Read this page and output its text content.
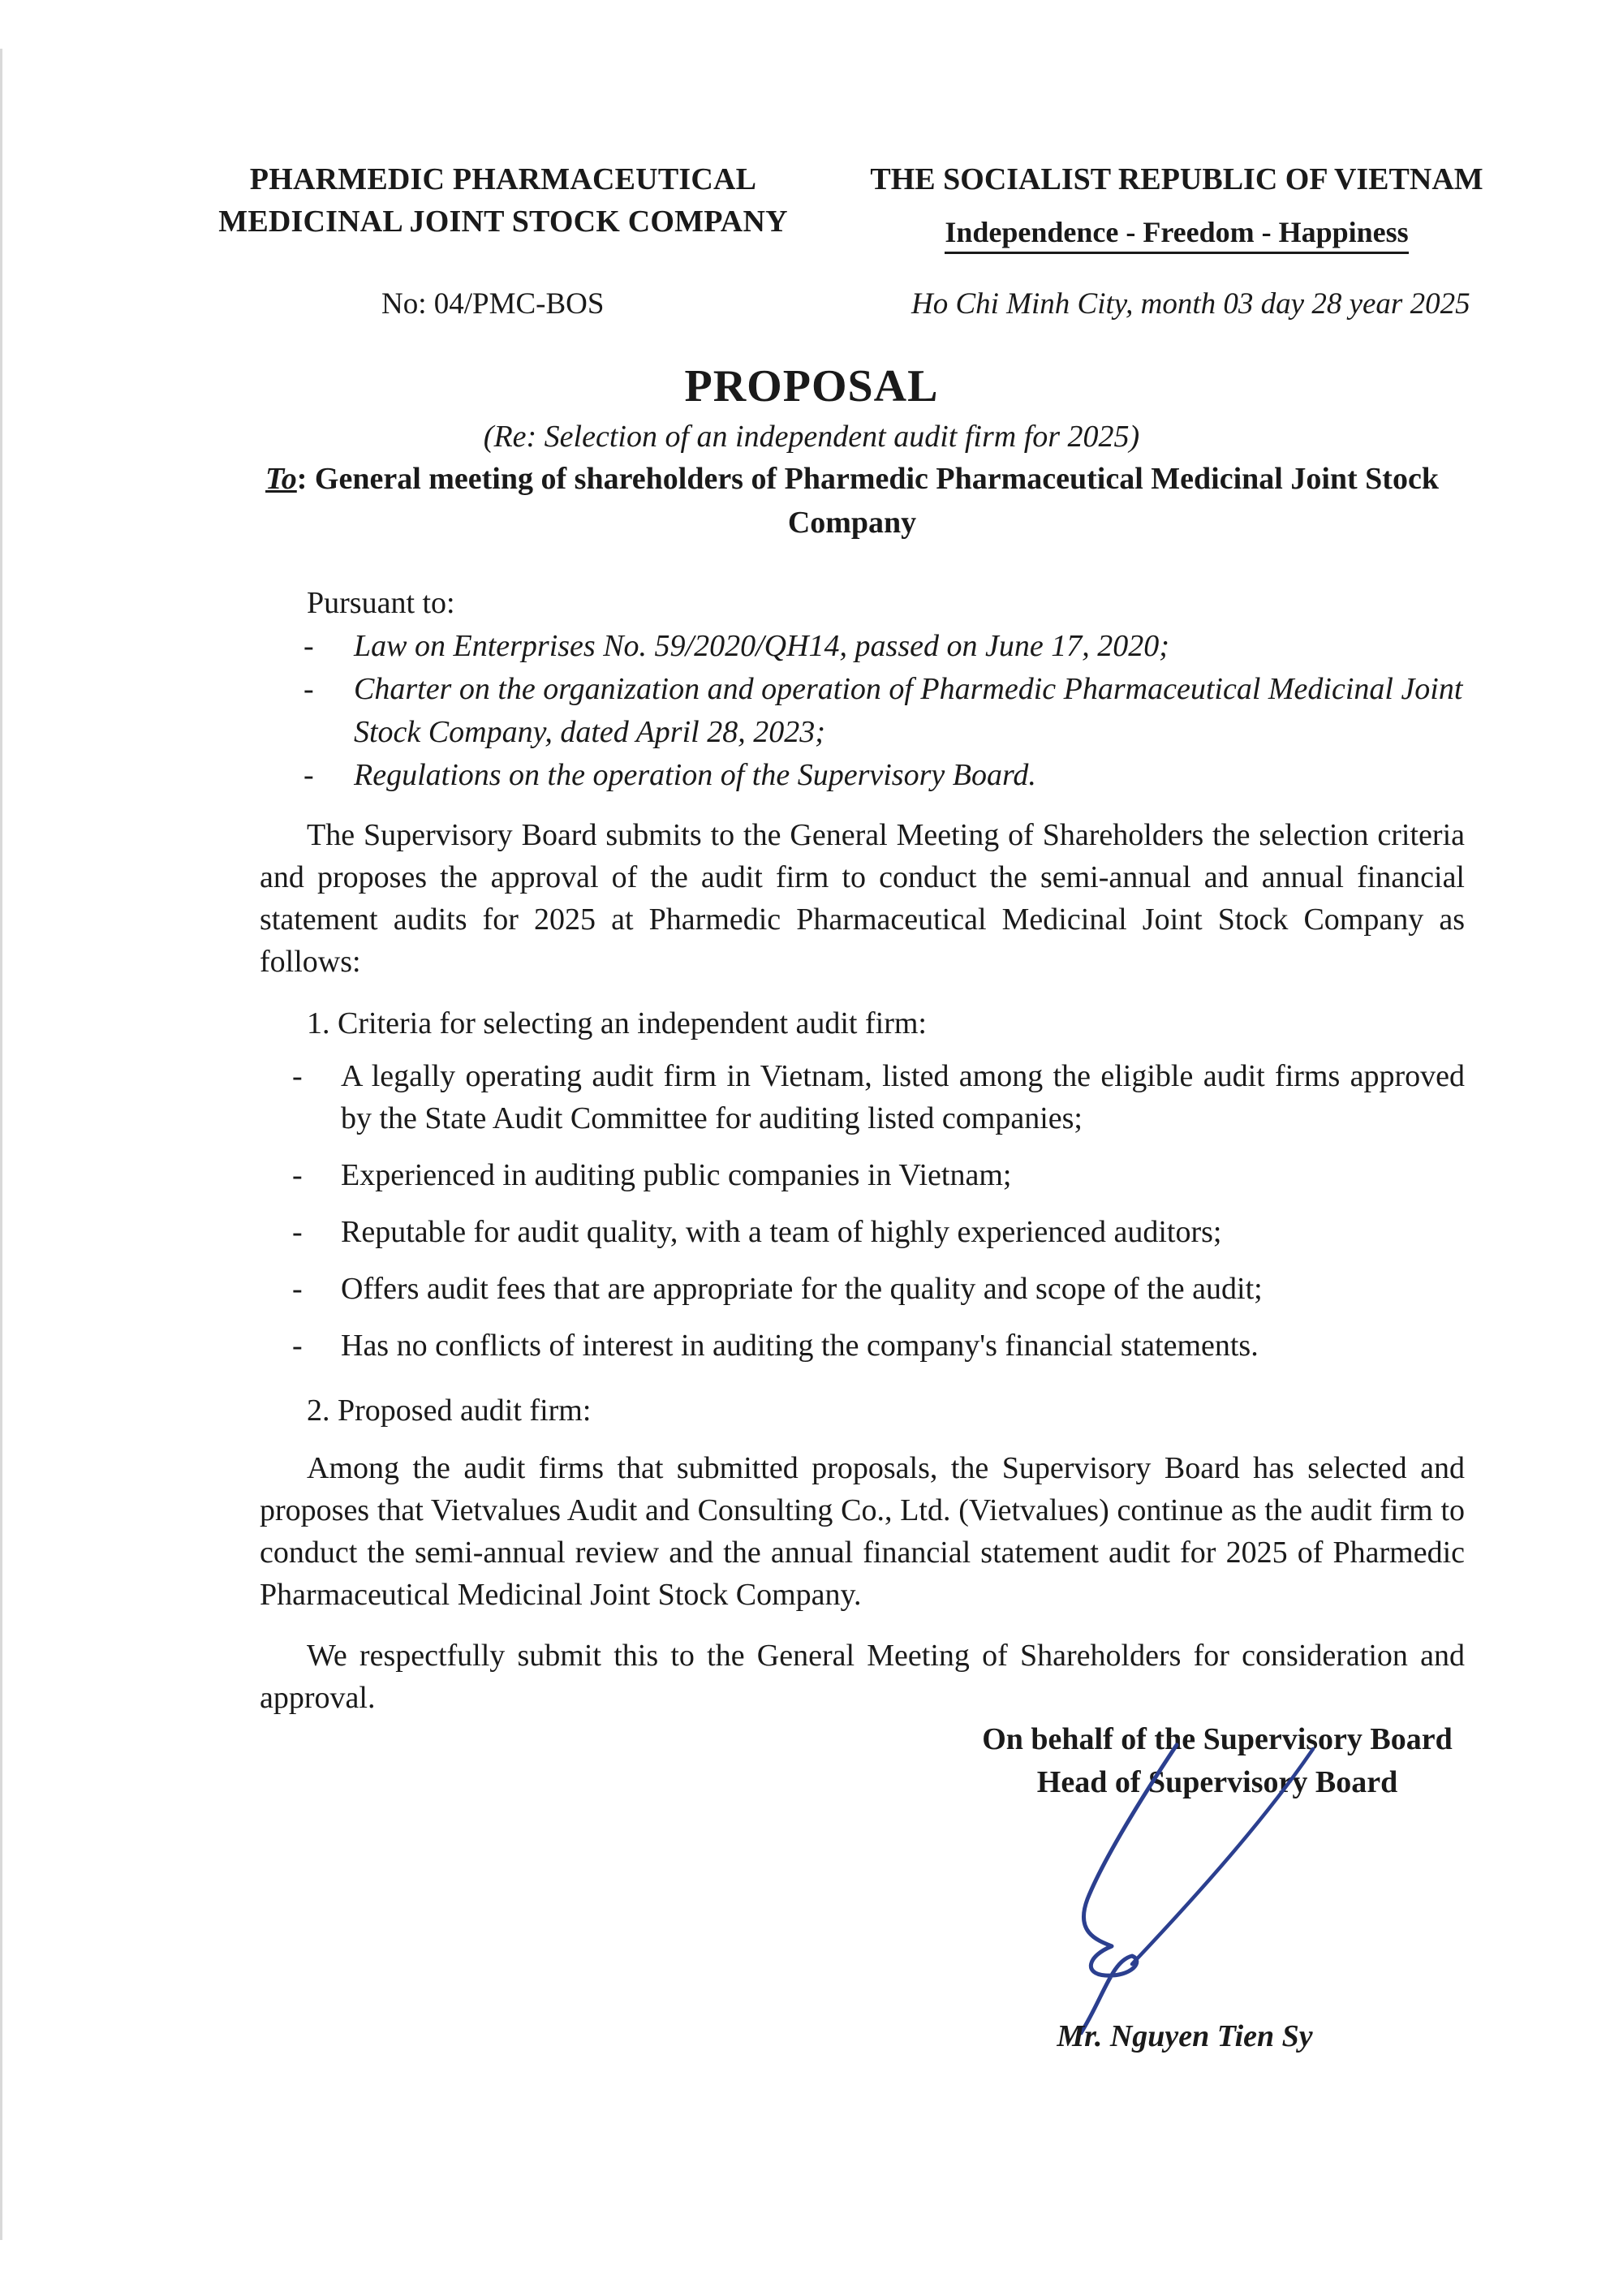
PHARMEDIC PHARMACEUTICAL
MEDICINAL JOINT STOCK COMPANY
THE SOCIALIST REPUBLIC OF VIETNAM
Independence - Freedom - Happiness
No: 04/PMC-BOS	Ho Chi Minh City, month 03 day 28 year 2025
PROPOSAL
(Re: Selection of an independent audit firm for 2025)
To: General meeting of shareholders of Pharmedic Pharmaceutical Medicinal Joint Stock Company
Pursuant to:
- Law on Enterprises No. 59/2020/QH14, passed on June 17, 2020;
- Charter on the organization and operation of Pharmedic Pharmaceutical Medicinal Joint Stock Company, dated April 28, 2023;
- Regulations on the operation of the Supervisory Board.
The Supervisory Board submits to the General Meeting of Shareholders the selection criteria and proposes the approval of the audit firm to conduct the semi-annual and annual financial statement audits for 2025 at Pharmedic Pharmaceutical Medicinal Joint Stock Company as follows:
1. Criteria for selecting an independent audit firm:
- A legally operating audit firm in Vietnam, listed among the eligible audit firms approved by the State Audit Committee for auditing listed companies;
- Experienced in auditing public companies in Vietnam;
- Reputable for audit quality, with a team of highly experienced auditors;
- Offers audit fees that are appropriate for the quality and scope of the audit;
- Has no conflicts of interest in auditing the company's financial statements.
2. Proposed audit firm:
Among the audit firms that submitted proposals, the Supervisory Board has selected and proposes that Vietvalues Audit and Consulting Co., Ltd. (Vietvalues) continue as the audit firm to conduct the semi-annual review and the annual financial statement audit for 2025 of Pharmedic Pharmaceutical Medicinal Joint Stock Company.
We respectfully submit this to the General Meeting of Shareholders for consideration and approval.
On behalf of the Supervisory Board
Head of Supervisory Board
Mr. Nguyen Tien Sy
